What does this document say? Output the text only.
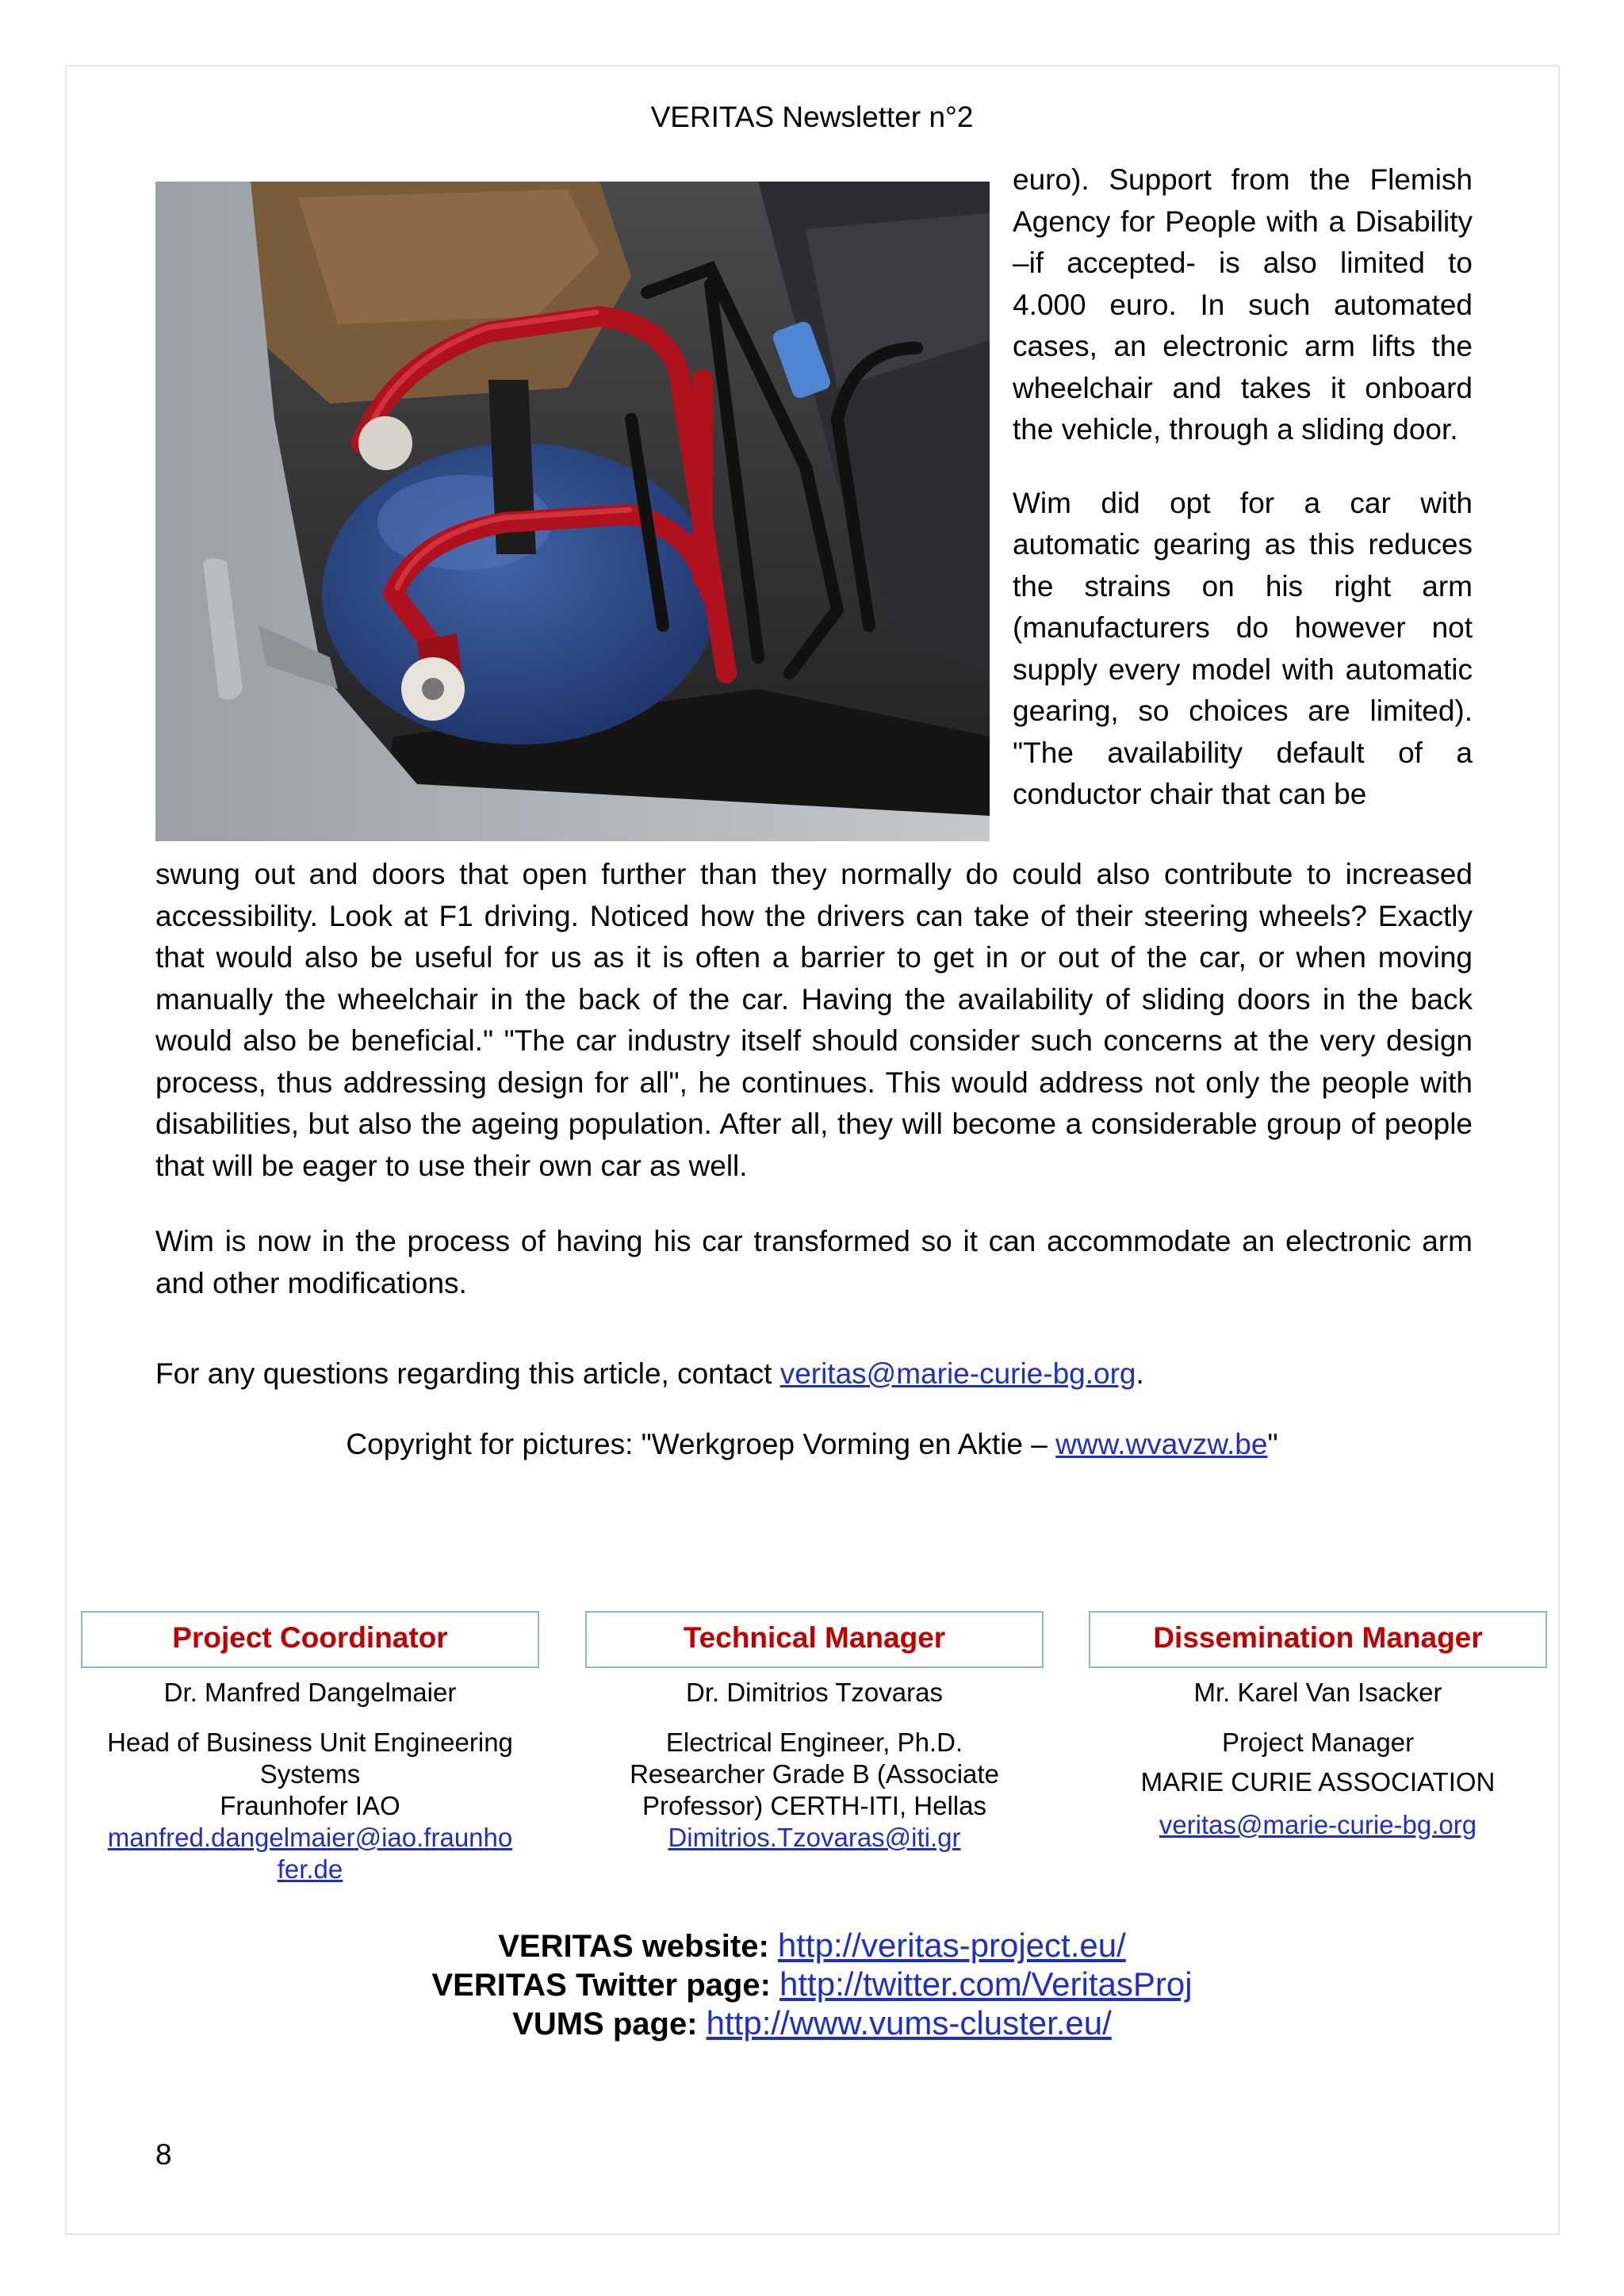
VERITAS Newsletter n°2

euro). Support from the Flemish Agency for People with a Disability –if accepted- is also limited to 4.000 euro. In such automated cases, an electronic arm lifts the wheelchair and takes it onboard the vehicle, through a sliding door.

Wim did opt for a car with automatic gearing as this reduces the strains on his right arm (manufacturers do however not supply every model with automatic gearing, so choices are limited). "The availability default of a conductor chair that can be

swung out and doors that open further than they normally do could also contribute to increased accessibility. Look at F1 driving. Noticed how the drivers can take of their steering wheels? Exactly that would also be useful for us as it is often a barrier to get in or out of the car, or when moving manually the wheelchair in the back of the car. Having the availability of sliding doors in the back would also be beneficial." "The car industry itself should consider such concerns at the very design process, thus addressing design for all", he continues. This would address not only the people with disabilities, but also the ageing population. After all, they will become a considerable group of people that will be eager to use their own car as well.

Wim is now in the process of having his car transformed so it can accommodate an electronic arm and other modifications.

For any questions regarding this article, contact veritas@marie-curie-bg.org.

Copyright for pictures: "Werkgroep Vorming en Aktie – www.wvavzw.be"
Project Coordinator	Technical Manager	Dissemination Manager
Dr. Manfred Dangelmaier
Head of Business Unit Engineering
Systems
Fraunhofer IAO
manfred.dangelmaier@iao.fraunho
fer.de
Dr. Dimitrios Tzovaras
Electrical Engineer, Ph.D.
Researcher Grade B (Associate
Professor) CERTH-ITI, Hellas
Dimitrios.Tzovaras@iti.gr
Mr. Karel Van Isacker
Project Manager
MARIE CURIE ASSOCIATION
veritas@marie-curie-bg.org
VERITAS website: http://veritas-project.eu/
VERITAS Twitter page: http://twitter.com/VeritasProj
VUMS page: http://www.vums-cluster.eu/
8
